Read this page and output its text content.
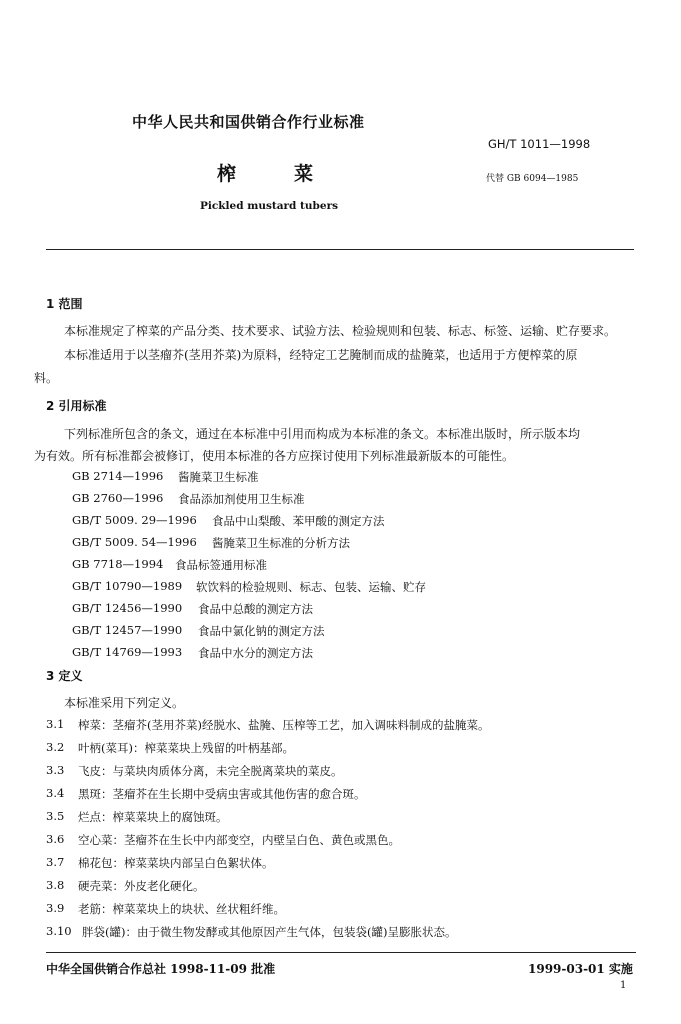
中华人民共和国供销合作行业标准
GH/T 1011—1998
榨	菜	代替 GB 6094—1985
Pickled mustard tubers
1 范围
本标准规定了榨菜的产品分类、技术要求、试验方法、检验规则和包装、标志、标签、运输、贮存要求。
本标准适用于以茎瘤芥(茎用芥菜)为原料，经特定工艺腌制而成的盐腌菜，也适用于方便榨菜的原
料。
2 引用标准
下列标准所包含的条文，通过在本标准中引用而构成为本标准的条文。本标准出版时，所示版本均
为有效。所有标准都会被修订，使用本标准的各方应探讨使用下列标准最新版本的可能性。
GB 2714—1996 酱腌菜卫生标准
GB 2760—1996 食品添加剂使用卫生标准
GB/T 5009. 29—1996 食品中山梨酸、苯甲酸的测定方法
GB/T 5009. 54—1996 酱腌菜卫生标准的分析方法
GB 7718—1994 食品标签通用标准
GB/T 10790—1989 软饮料的检验规则、标志、包装、运输、贮存
GB/T 12456—1990 食品中总酸的测定方法
GB/T 12457—1990 食品中氯化钠的测定方法
GB/T 14769—1993 食品中水分的测定方法
3 定义
本标准采用下列定义。
3.1 榨菜：茎瘤芥(茎用芥菜)经脱水、盐腌、压榨等工艺，加入调味料制成的盐腌菜。
3.2 叶柄(菜耳)：榨菜菜块上残留的叶柄基部。
3.3 飞皮：与菜块肉质体分离，未完全脱离菜块的菜皮。
3.4 黑斑：茎瘤芥在生长期中受病虫害或其他伤害的愈合斑。
3.5 烂点：榨菜菜块上的腐蚀斑。
3.6 空心菜：茎瘤芥在生长中内部变空，内壁呈白色、黄色或黑色。
3.7 棉花包：榨菜菜块内部呈白色絮状体。
3.8 硬壳菜：外皮老化硬化。
3.9 老筋：榨菜菜块上的块状、丝状粗纤维。
3.10 胖袋(罐)：由于微生物发酵或其他原因产生气体，包装袋(罐)呈膨胀状态。
中华全国供销合作总社 1998-11-09 批准	1999-03-01 实施
1
